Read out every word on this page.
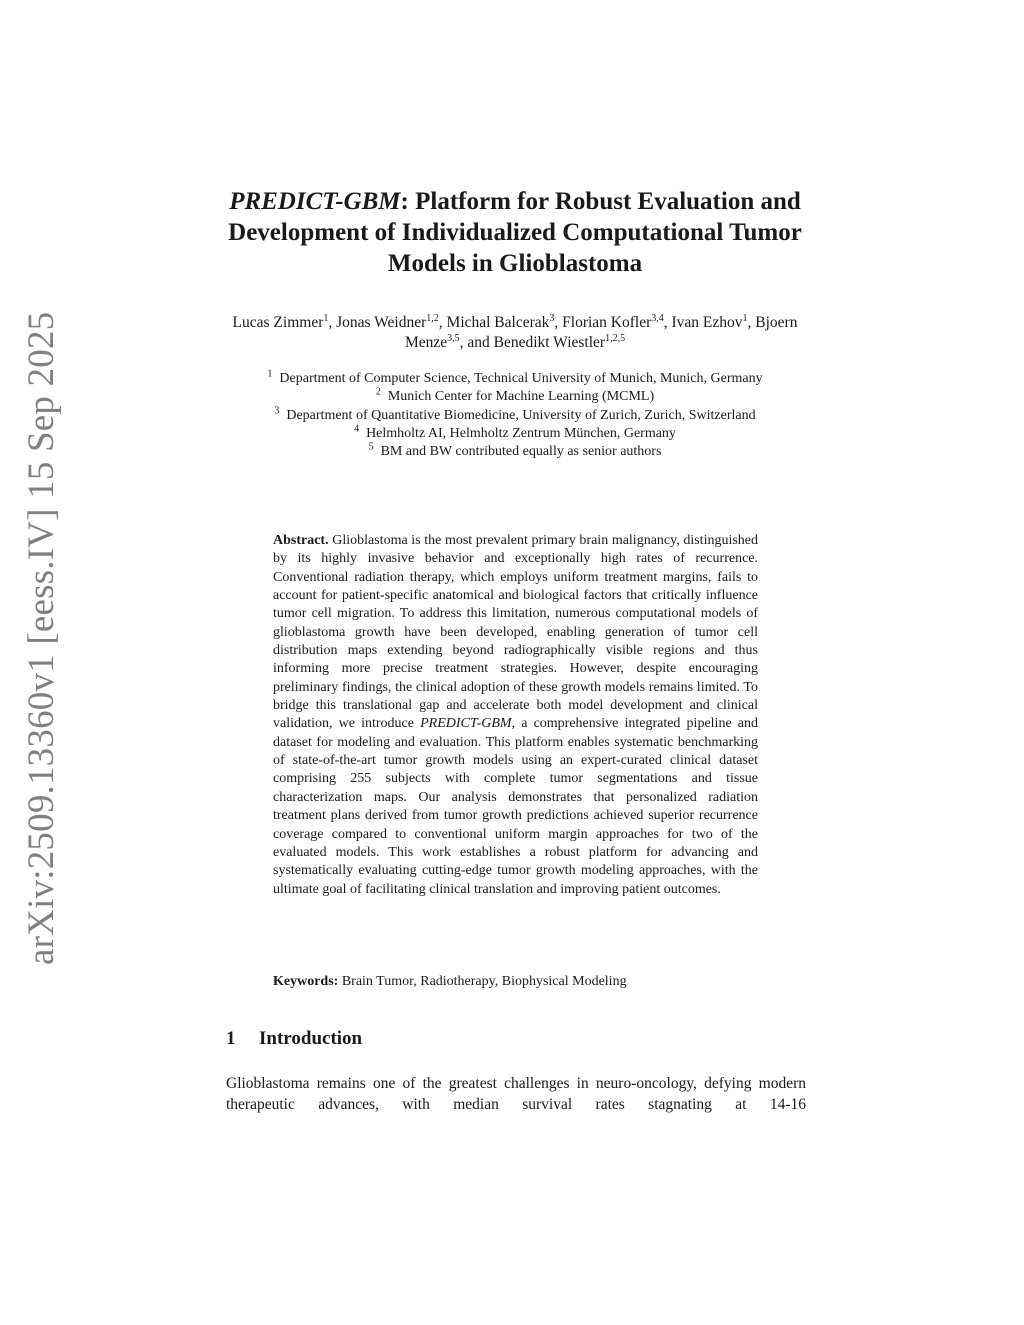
arXiv:2509.13360v1 [eess.IV] 15 Sep 2025
PREDICT-GBM: Platform for Robust Evaluation and Development of Individualized Computational Tumor Models in Glioblastoma
Lucas Zimmer$^1$, Jonas Weidner$^{1,2}$, Michal Balcerak$^3$, Florian Kofler$^{3,4}$, Ivan Ezhov$^1$, Bjoern Menze$^{3,5}$, and Benedikt Wiestler$^{1,2,5}$
$^1$  Department of Computer Science, Technical University of Munich, Munich, Germany
$^2$  Munich Center for Machine Learning (MCML)
$^3$  Department of Quantitative Biomedicine, University of Zurich, Zurich, Switzerland
$^4$  Helmholtz AI, Helmholtz Zentrum München, Germany
$^5$  BM and BW contributed equally as senior authors
Abstract. Glioblastoma is the most prevalent primary brain malignancy, distinguished by its highly invasive behavior and exceptionally high rates of recurrence. Conventional radiation therapy, which employs uniform treatment margins, fails to account for patient-specific anatomical and biological factors that critically influence tumor cell migration. To address this limitation, numerous computational models of glioblastoma growth have been developed, enabling generation of tumor cell distribution maps extending beyond radiographically visible regions and thus informing more precise treatment strategies. However, despite encouraging preliminary findings, the clinical adoption of these growth models remains limited. To bridge this translational gap and accelerate both model development and clinical validation, we introduce PREDICT-GBM, a comprehensive integrated pipeline and dataset for modeling and evaluation. This platform enables systematic benchmarking of state-of-the-art tumor growth models using an expert-curated clinical dataset comprising 255 subjects with complete tumor segmentations and tissue characterization maps. Our analysis demonstrates that personalized radiation treatment plans derived from tumor growth predictions achieved superior recurrence coverage compared to conventional uniform margin approaches for two of the evaluated models. This work establishes a robust platform for advancing and systematically evaluating cutting-edge tumor growth modeling approaches, with the ultimate goal of facilitating clinical translation and improving patient outcomes.
Keywords: Brain Tumor, Radiotherapy, Biophysical Modeling
1 Introduction

Glioblastoma remains one of the greatest challenges in neuro-oncology, defying modern therapeutic advances, with median survival rates stagnating at 14-16
